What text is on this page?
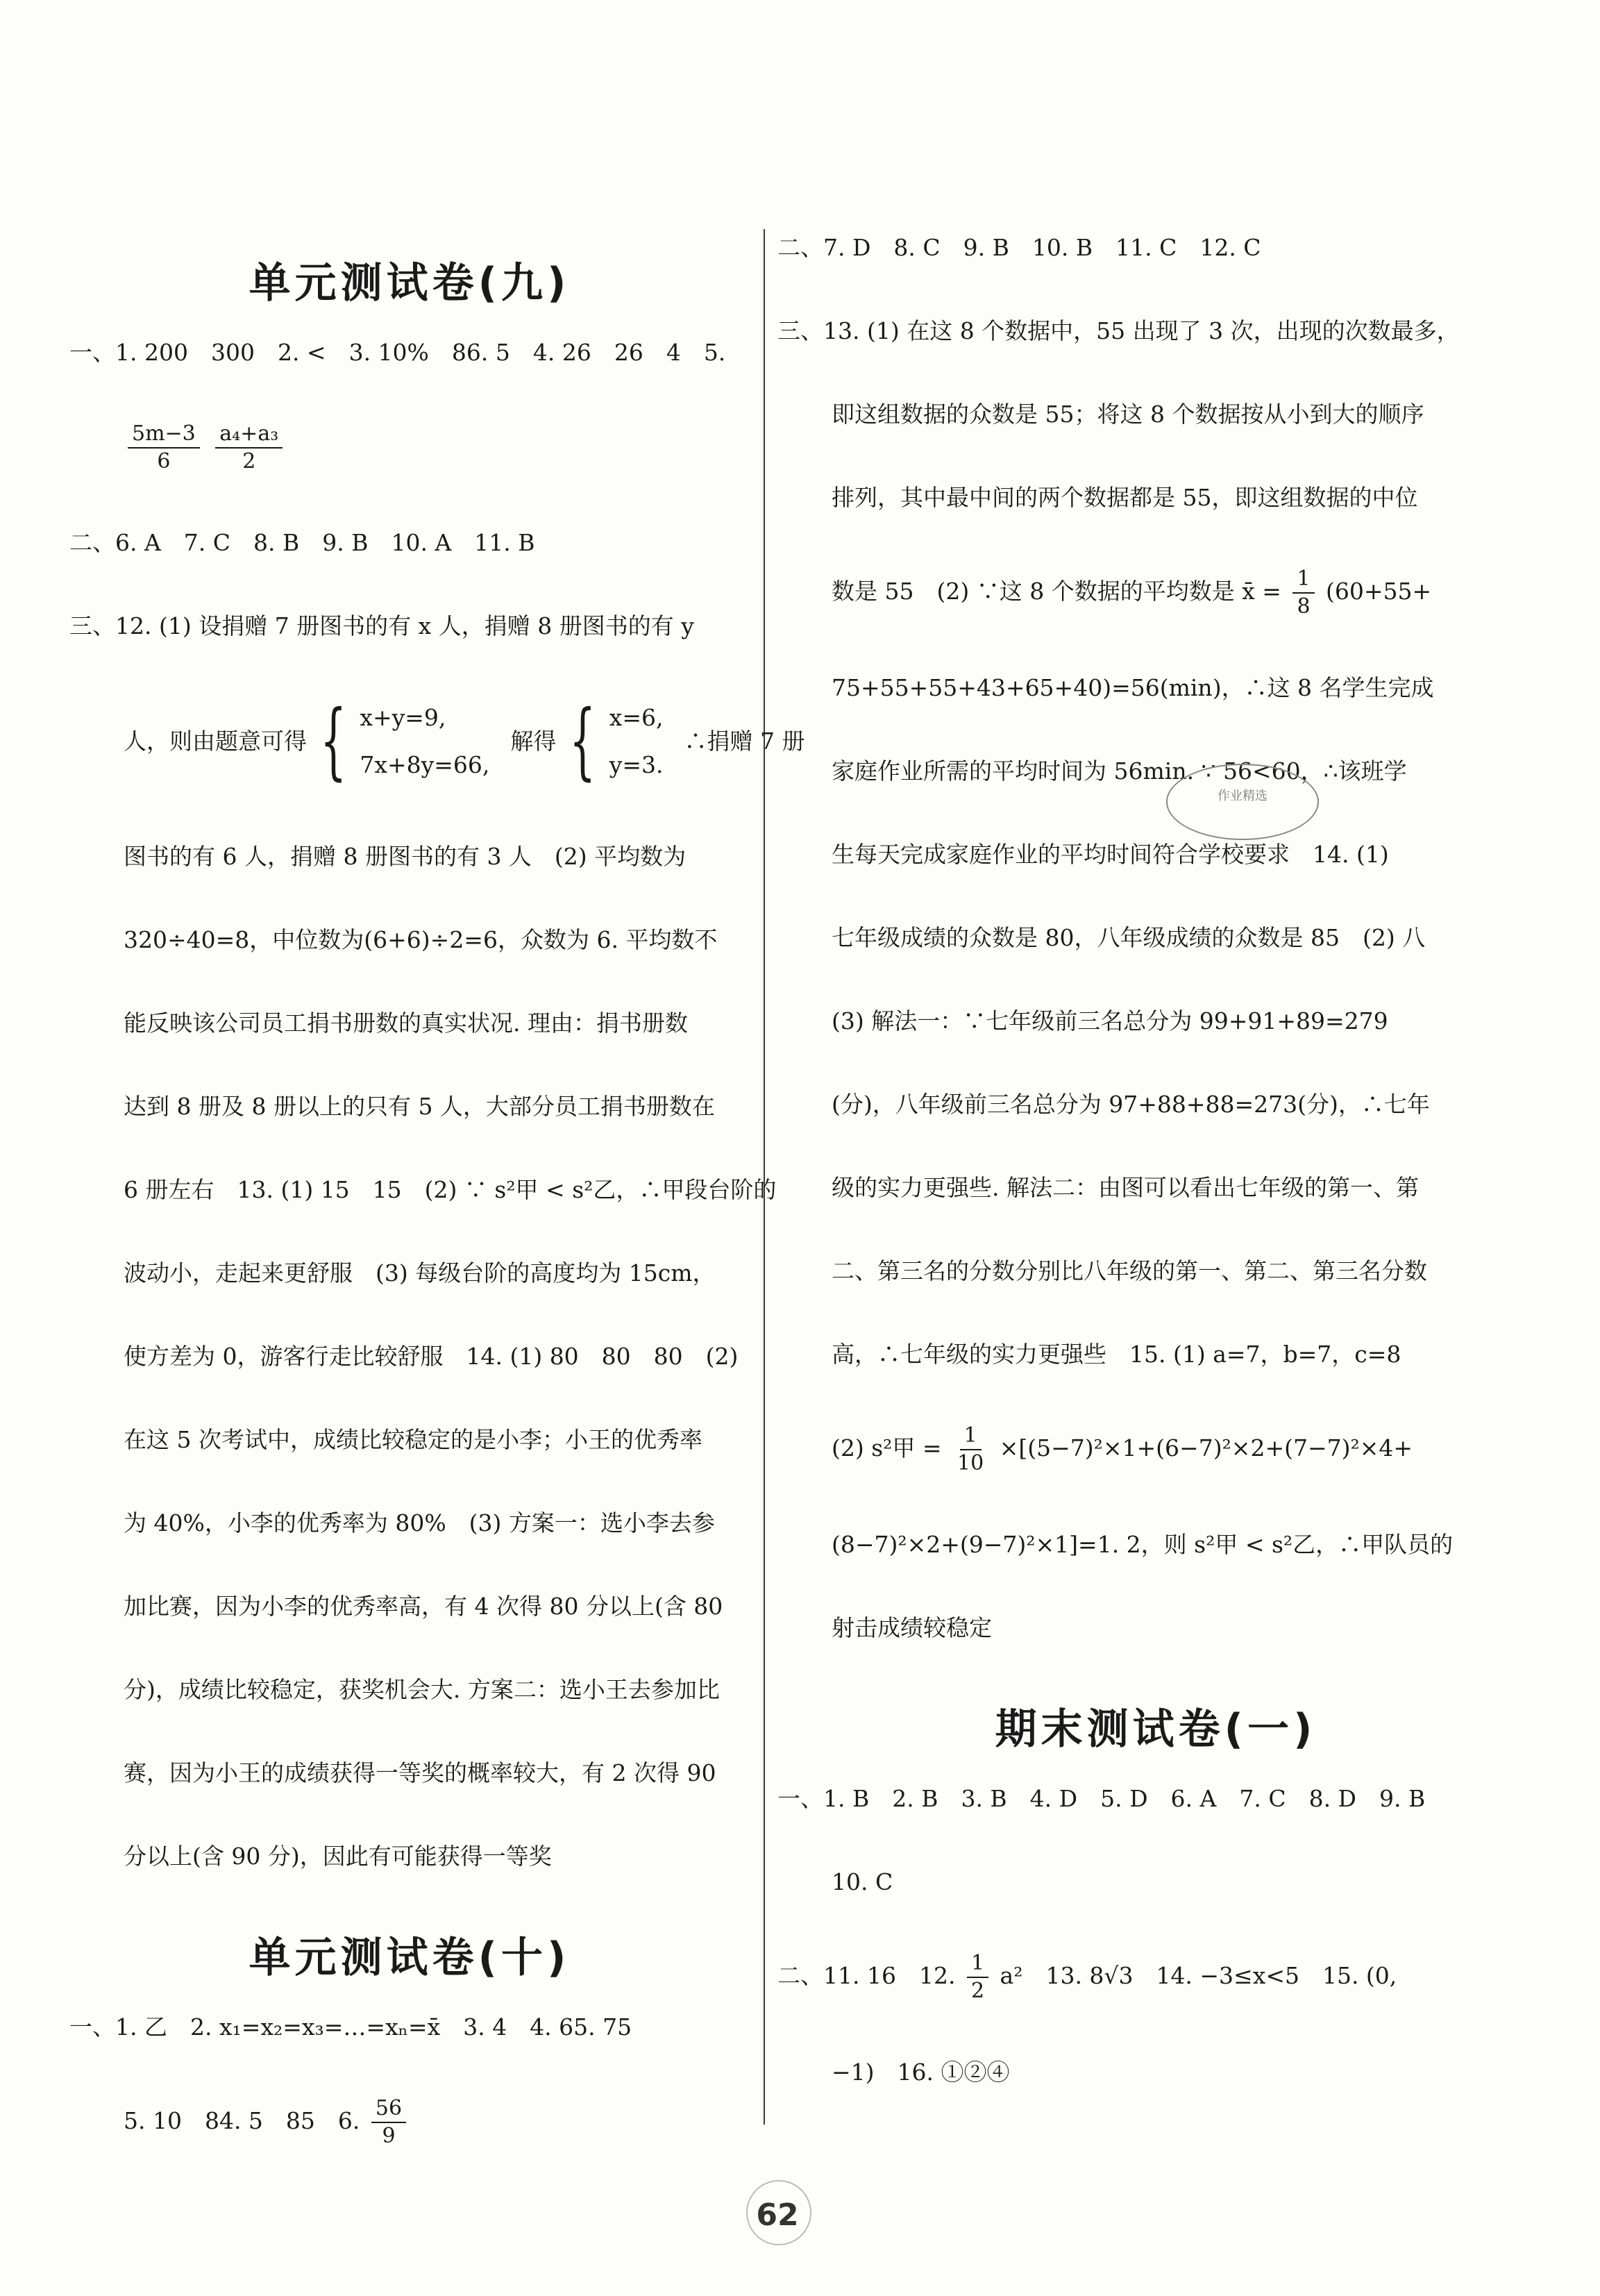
单元测试卷(九)
一、1. 200　300　2. <　3. 10%　86. 5　4. 26　26　4　5.
$\frac{5m-3}{6}$
$\frac{\text{a₄+a₃}}{2}$
二、6. A　7. C　8. B　9. B　10. A　11. B
三、12. (1) 设捐赠 7 册图书的有 x 人，捐赠 8 册图书的有 y
人，则由题意可得 { x+y=9,
7x+8y=66,
解得 { x=6,
y=3.
∴捐赠 7 册
图书的有 6 人，捐赠 8 册图书的有 3 人　(2) 平均数为
320÷40=8，中位数为(6+6)÷2=6，众数为 6. 平均数不
能反映该公司员工捐书册数的真实状况. 理由：捐书册数
达到 8 册及 8 册以上的只有 5 人，大部分员工捐书册数在
6 册左右　13. (1) 15　15　(2) ∵ s²甲 < s²乙，∴甲段台阶的
波动小，走起来更舒服　(3) 每级台阶的高度均为 15cm，
使方差为 0，游客行走比较舒服　14. (1) 80　80　80　(2)
在这 5 次考试中，成绩比较稳定的是小李；小王的优秀率
为 40%，小李的优秀率为 80%　(3) 方案一：选小李去参
加比赛，因为小李的优秀率高，有 4 次得 80 分以上(含 80
分)，成绩比较稳定，获奖机会大. 方案二：选小王去参加比
赛，因为小王的成绩获得一等奖的概率较大，有 2 次得 90
分以上(含 90 分)，因此有可能获得一等奖
单元测试卷(十)
一、1. 乙　2. x₁=x₂=x₃=…=xₙ=x̄　3. 4　4. 65. 75
5. 10　84. 5　85　6. $\frac{56}{9}$
二、7. D　8. C　9. B　10. B　11. C　12. C
三、13. (1) 在这 8 个数据中，55 出现了 3 次，出现的次数最多，
即这组数据的众数是 55；将这 8 个数据按从小到大的顺序
排列，其中最中间的两个数据都是 55，即这组数据的中位
数是 55　(2) ∵这 8 个数据的平均数是 x̄ = $\frac{1}{8} (60+55+$
75+55+55+43+65+40)=56(min)，∴这 8 名学生完成
家庭作业所需的平均时间为 56min. ∵ 56<60，∴该班学
生每天完成家庭作业的平均时间符合学校要求　14. (1)
七年级成绩的众数是 80，八年级成绩的众数是 85　(2) 八
(3) 解法一：∵七年级前三名总分为 99+91+89=279
(分)，八年级前三名总分为 97+88+88=273(分)，∴七年
级的实力更强些. 解法二：由图可以看出七年级的第一、第
二、第三名的分数分别比八年级的第一、第二、第三名分数
高，∴七年级的实力更强些　15. (1) a=7，b=7，c=8
(2) s²甲 = $\frac{1}{10} \times[(5-7)^2\times 1+(6-7)^2\times 2+(7-7)^2\times 4+$
(8−7)²×2+(9−7)²×1]=1. 2，则 s²甲 < s²乙，∴甲队员的
射击成绩较稳定
期末测试卷(一)
一、1. B　2. B　3. B　4. D　5. D　6. A　7. C　8. D　9. B
10. C
二、11. 16　12. $\frac{1}{2} a^2$　13. 8√3　14. −3≤x<5　15. (0,
−1)　16. ①②④
作业精选
62
